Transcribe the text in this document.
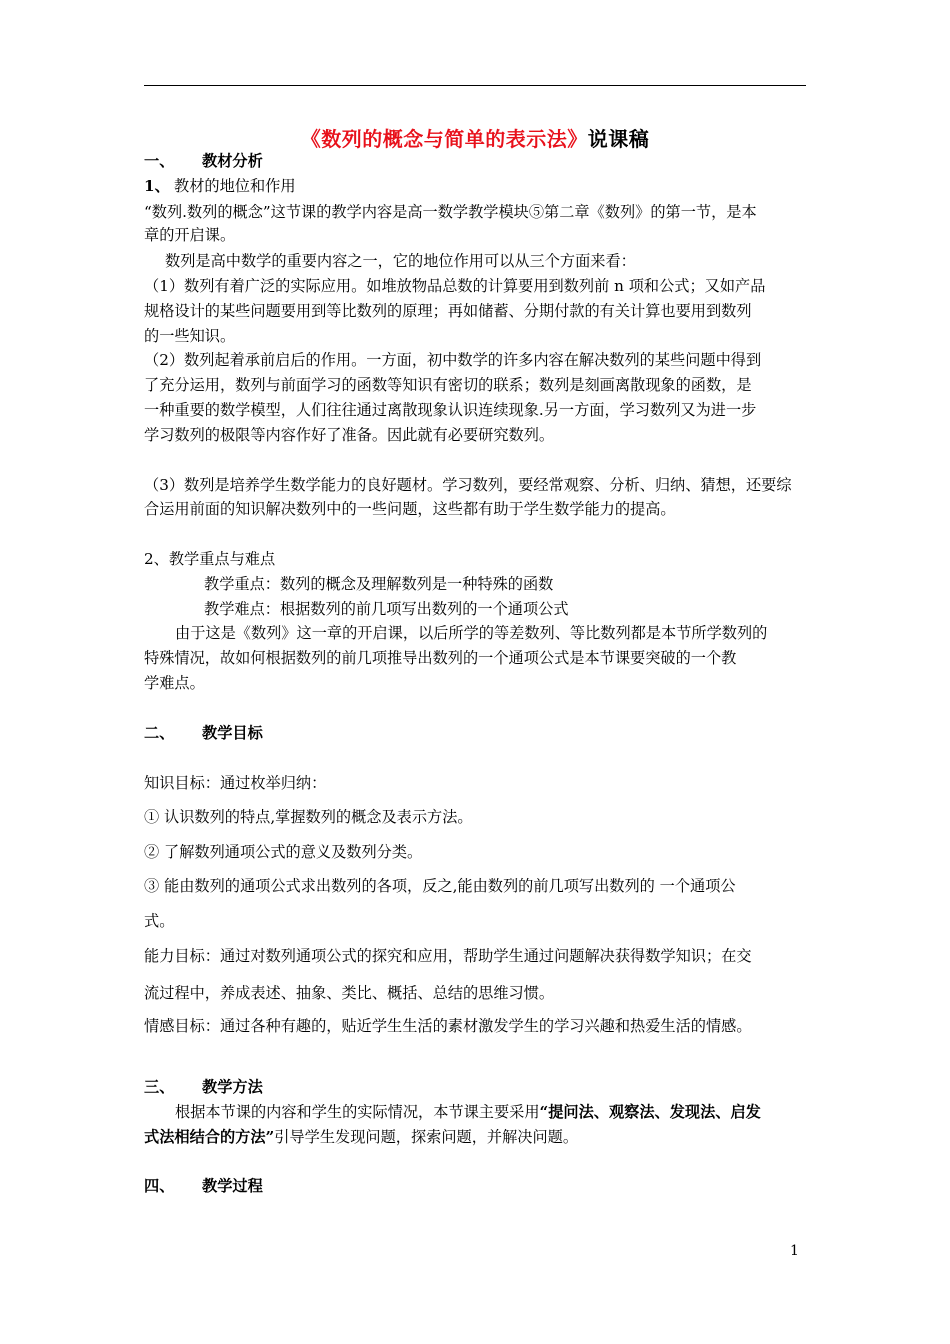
《数列的概念与简单的表示法》说课稿
一、 教材分析
1、 教材的地位和作用
“数列.数列的概念”这节课的教学内容是高一数学教学模块⑤第二章《数列》的第一节，是本
章的开启课。
数列是高中数学的重要内容之一，它的地位作用可以从三个方面来看：
（1）数列有着广泛的实际应用。如堆放物品总数的计算要用到数列前 n 项和公式；又如产品
规格设计的某些问题要用到等比数列的原理；再如储蓄、分期付款的有关计算也要用到数列
的一些知识。
（2）数列起着承前启后的作用。一方面，初中数学的许多内容在解决数列的某些问题中得到
了充分运用，数列与前面学习的函数等知识有密切的联系；数列是刻画离散现象的函数，是
一种重要的数学模型，人们往往通过离散现象认识连续现象.另一方面，学习数列又为进一步
学习数列的极限等内容作好了准备。因此就有必要研究数列。
（3）数列是培养学生数学能力的良好题材。学习数列，要经常观察、分析、归纳、猜想，还要综
合运用前面的知识解决数列中的一些问题，这些都有助于学生数学能力的提高。
2、教学重点与难点
教学重点：数列的概念及理解数列是一种特殊的函数
教学难点：根据数列的前几项写出数列的一个通项公式
由于这是《数列》这一章的开启课，以后所学的等差数列、等比数列都是本节所学数列的
特殊情况，故如何根据数列的前几项推导出数列的一个通项公式是本节课要突破的一个教
学难点。
二、 教学目标
知识目标：通过枚举归纳：
① 认识数列的特点,掌握数列的概念及表示方法。
② 了解数列通项公式的意义及数列分类。
③ 能由数列的通项公式求出数列的各项，反之,能由数列的前几项写出数列的 一个通项公
式。
能力目标：通过对数列通项公式的探究和应用，帮助学生通过问题解决获得数学知识；在交
流过程中，养成表述、抽象、类比、概括、总结的思维习惯。
情感目标：通过各种有趣的，贴近学生生活的素材激发学生的学习兴趣和热爱生活的情感。
三、 教学方法
根据本节课的内容和学生的实际情况，本节课主要采用“提问法、观察法、发现法、启发
式法相结合的方法”引导学生发现问题，探索问题，并解决问题。
四、 教学过程
1
